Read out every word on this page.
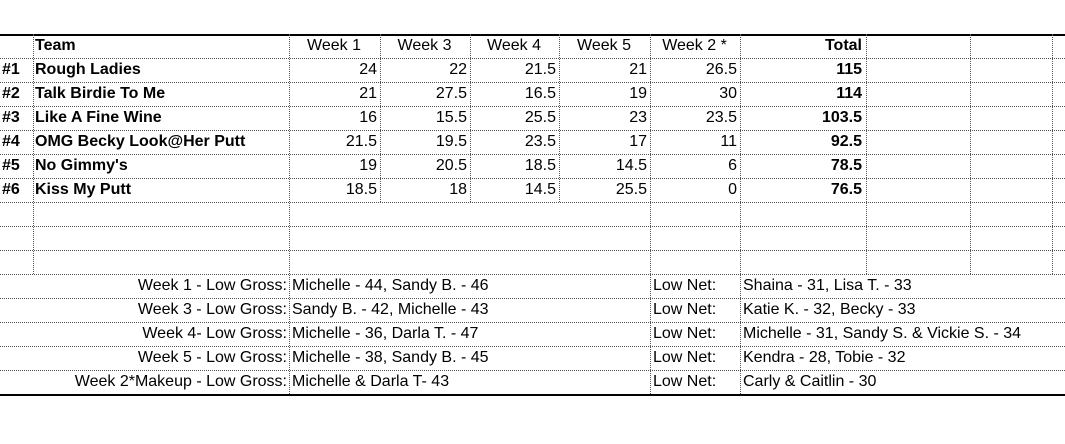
Team	Week 1	Week 3	Week 4	Week 5	Week 2 *	Total
#1 Rough Ladies	24	22	21.5	21	26.5	115
#2 Talk Birdie To Me	21	27.5	16.5	19	30	114
#3 Like A Fine Wine	16	15.5	25.5	23	23.5	103.5
#4 OMG Becky Look@Her Putt	21.5	19.5	23.5	17	11	92.5
#5 No Gimmy's	19	20.5	18.5	14.5	6	78.5
#6 Kiss My Putt	18.5	18	14.5	25.5	0	76.5
Week 1 - Low Gross: Michelle - 44, Sandy B. - 46	Low Net:	Shaina - 31, Lisa T. - 33
Week 3 - Low Gross: Sandy B. - 42, Michelle - 43	Low Net:	Katie K. - 32, Becky - 33
Week 4- Low Gross: Michelle - 36, Darla T. - 47	Low Net:	Michelle - 31, Sandy S. & Vickie S. - 34
Week 5 - Low Gross: Michelle - 38, Sandy B. - 45	Low Net:	Kendra - 28, Tobie - 32
Week 2*Makeup - Low Gross: Michelle & Darla T- 43	Low Net:	Carly & Caitlin - 30
